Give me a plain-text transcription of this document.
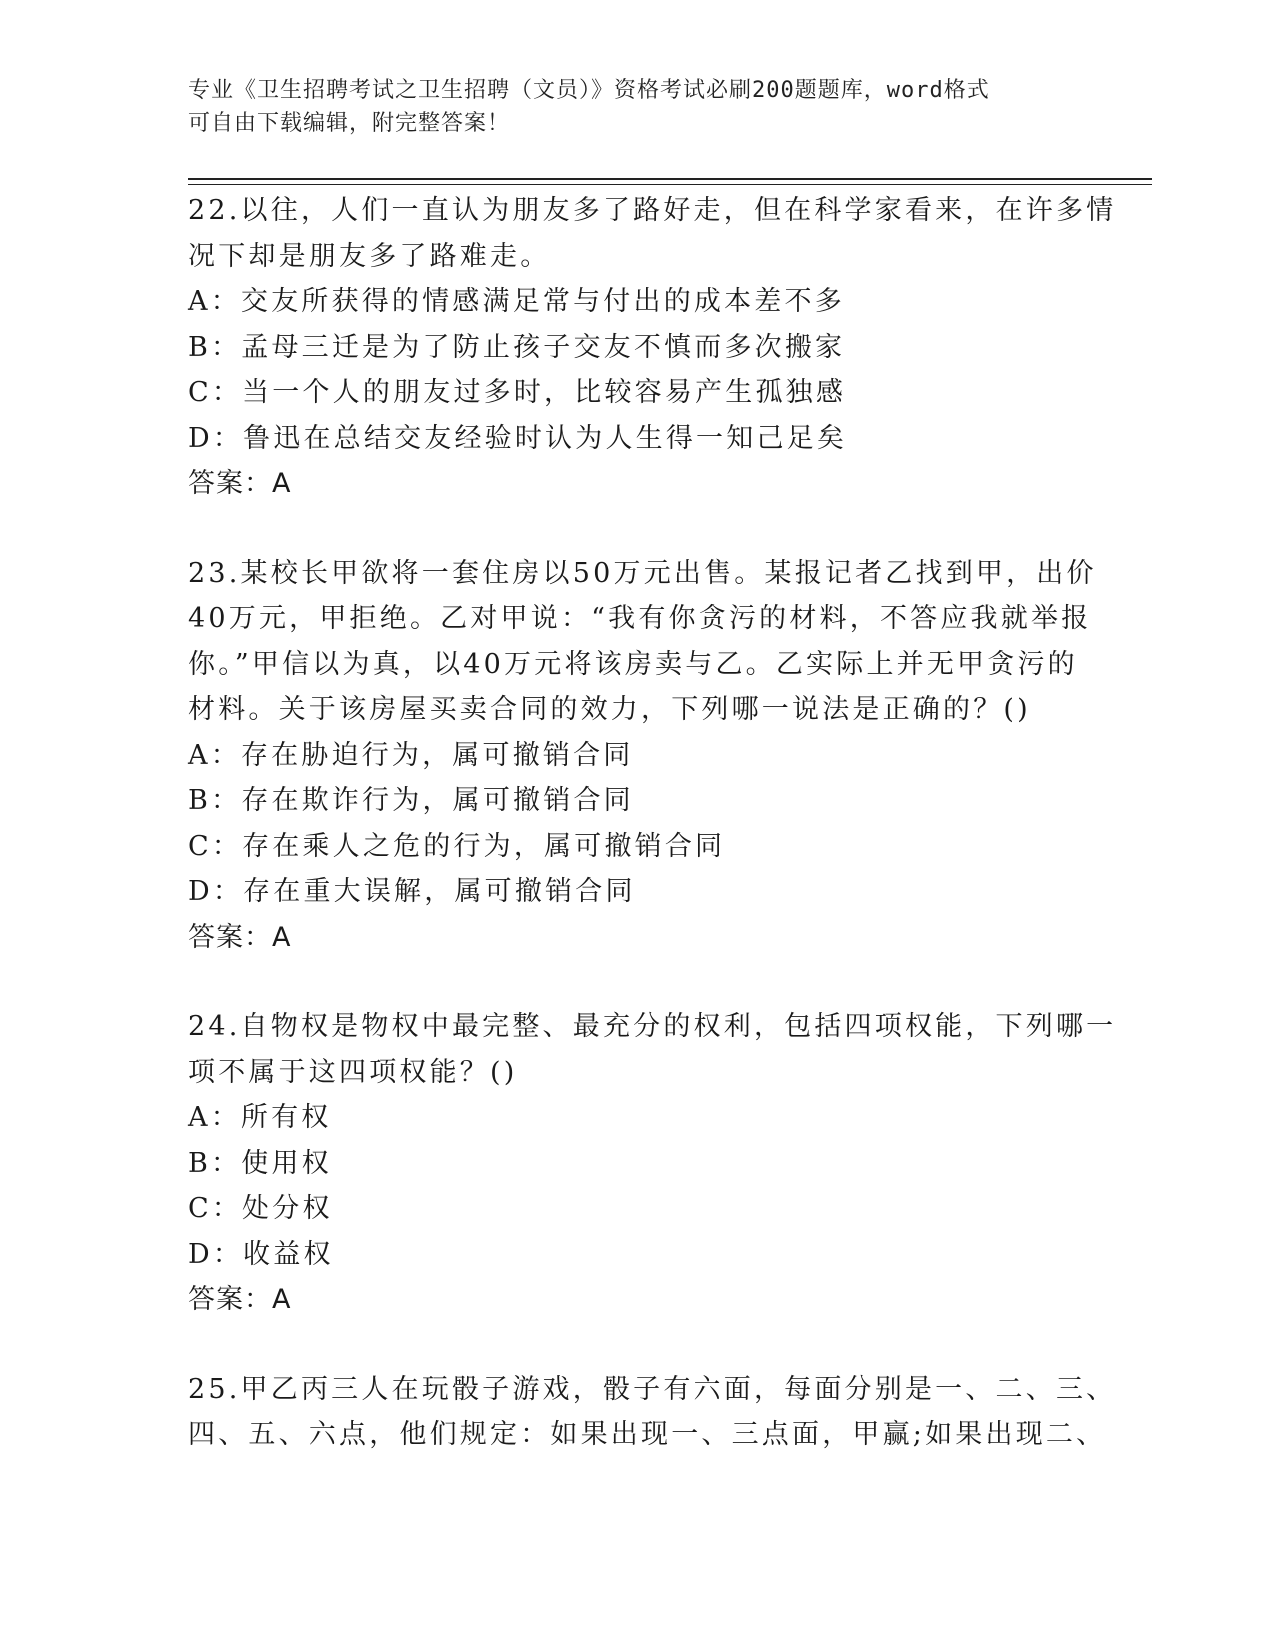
专业《卫生招聘考试之卫生招聘（文员）》资格考试必刷200题题库，word格式
可自由下载编辑，附完整答案！
22.以往，人们一直认为朋友多了路好走，但在科学家看来，在许多情
况下却是朋友多了路难走。
A：交友所获得的情感满足常与付出的成本差不多
B：孟母三迁是为了防止孩子交友不慎而多次搬家
C：当一个人的朋友过多时，比较容易产生孤独感
D：鲁迅在总结交友经验时认为人生得一知己足矣
答案：A
23.某校长甲欲将一套住房以50万元出售。某报记者乙找到甲，出价
40万元，甲拒绝。乙对甲说：“我有你贪污的材料，不答应我就举报
你。”甲信以为真，以40万元将该房卖与乙。乙实际上并无甲贪污的
材料。关于该房屋买卖合同的效力，下列哪一说法是正确的？()
A：存在胁迫行为，属可撤销合同
B：存在欺诈行为，属可撤销合同
C：存在乘人之危的行为，属可撤销合同
D：存在重大误解，属可撤销合同
答案：A
24.自物权是物权中最完整、最充分的权利，包括四项权能，下列哪一
项不属于这四项权能？()
A：所有权
B：使用权
C：处分权
D：收益权
答案：A
25.甲乙丙三人在玩骰子游戏，骰子有六面，每面分别是一、二、三、
四、五、六点，他们规定：如果出现一、三点面，甲赢;如果出现二、
